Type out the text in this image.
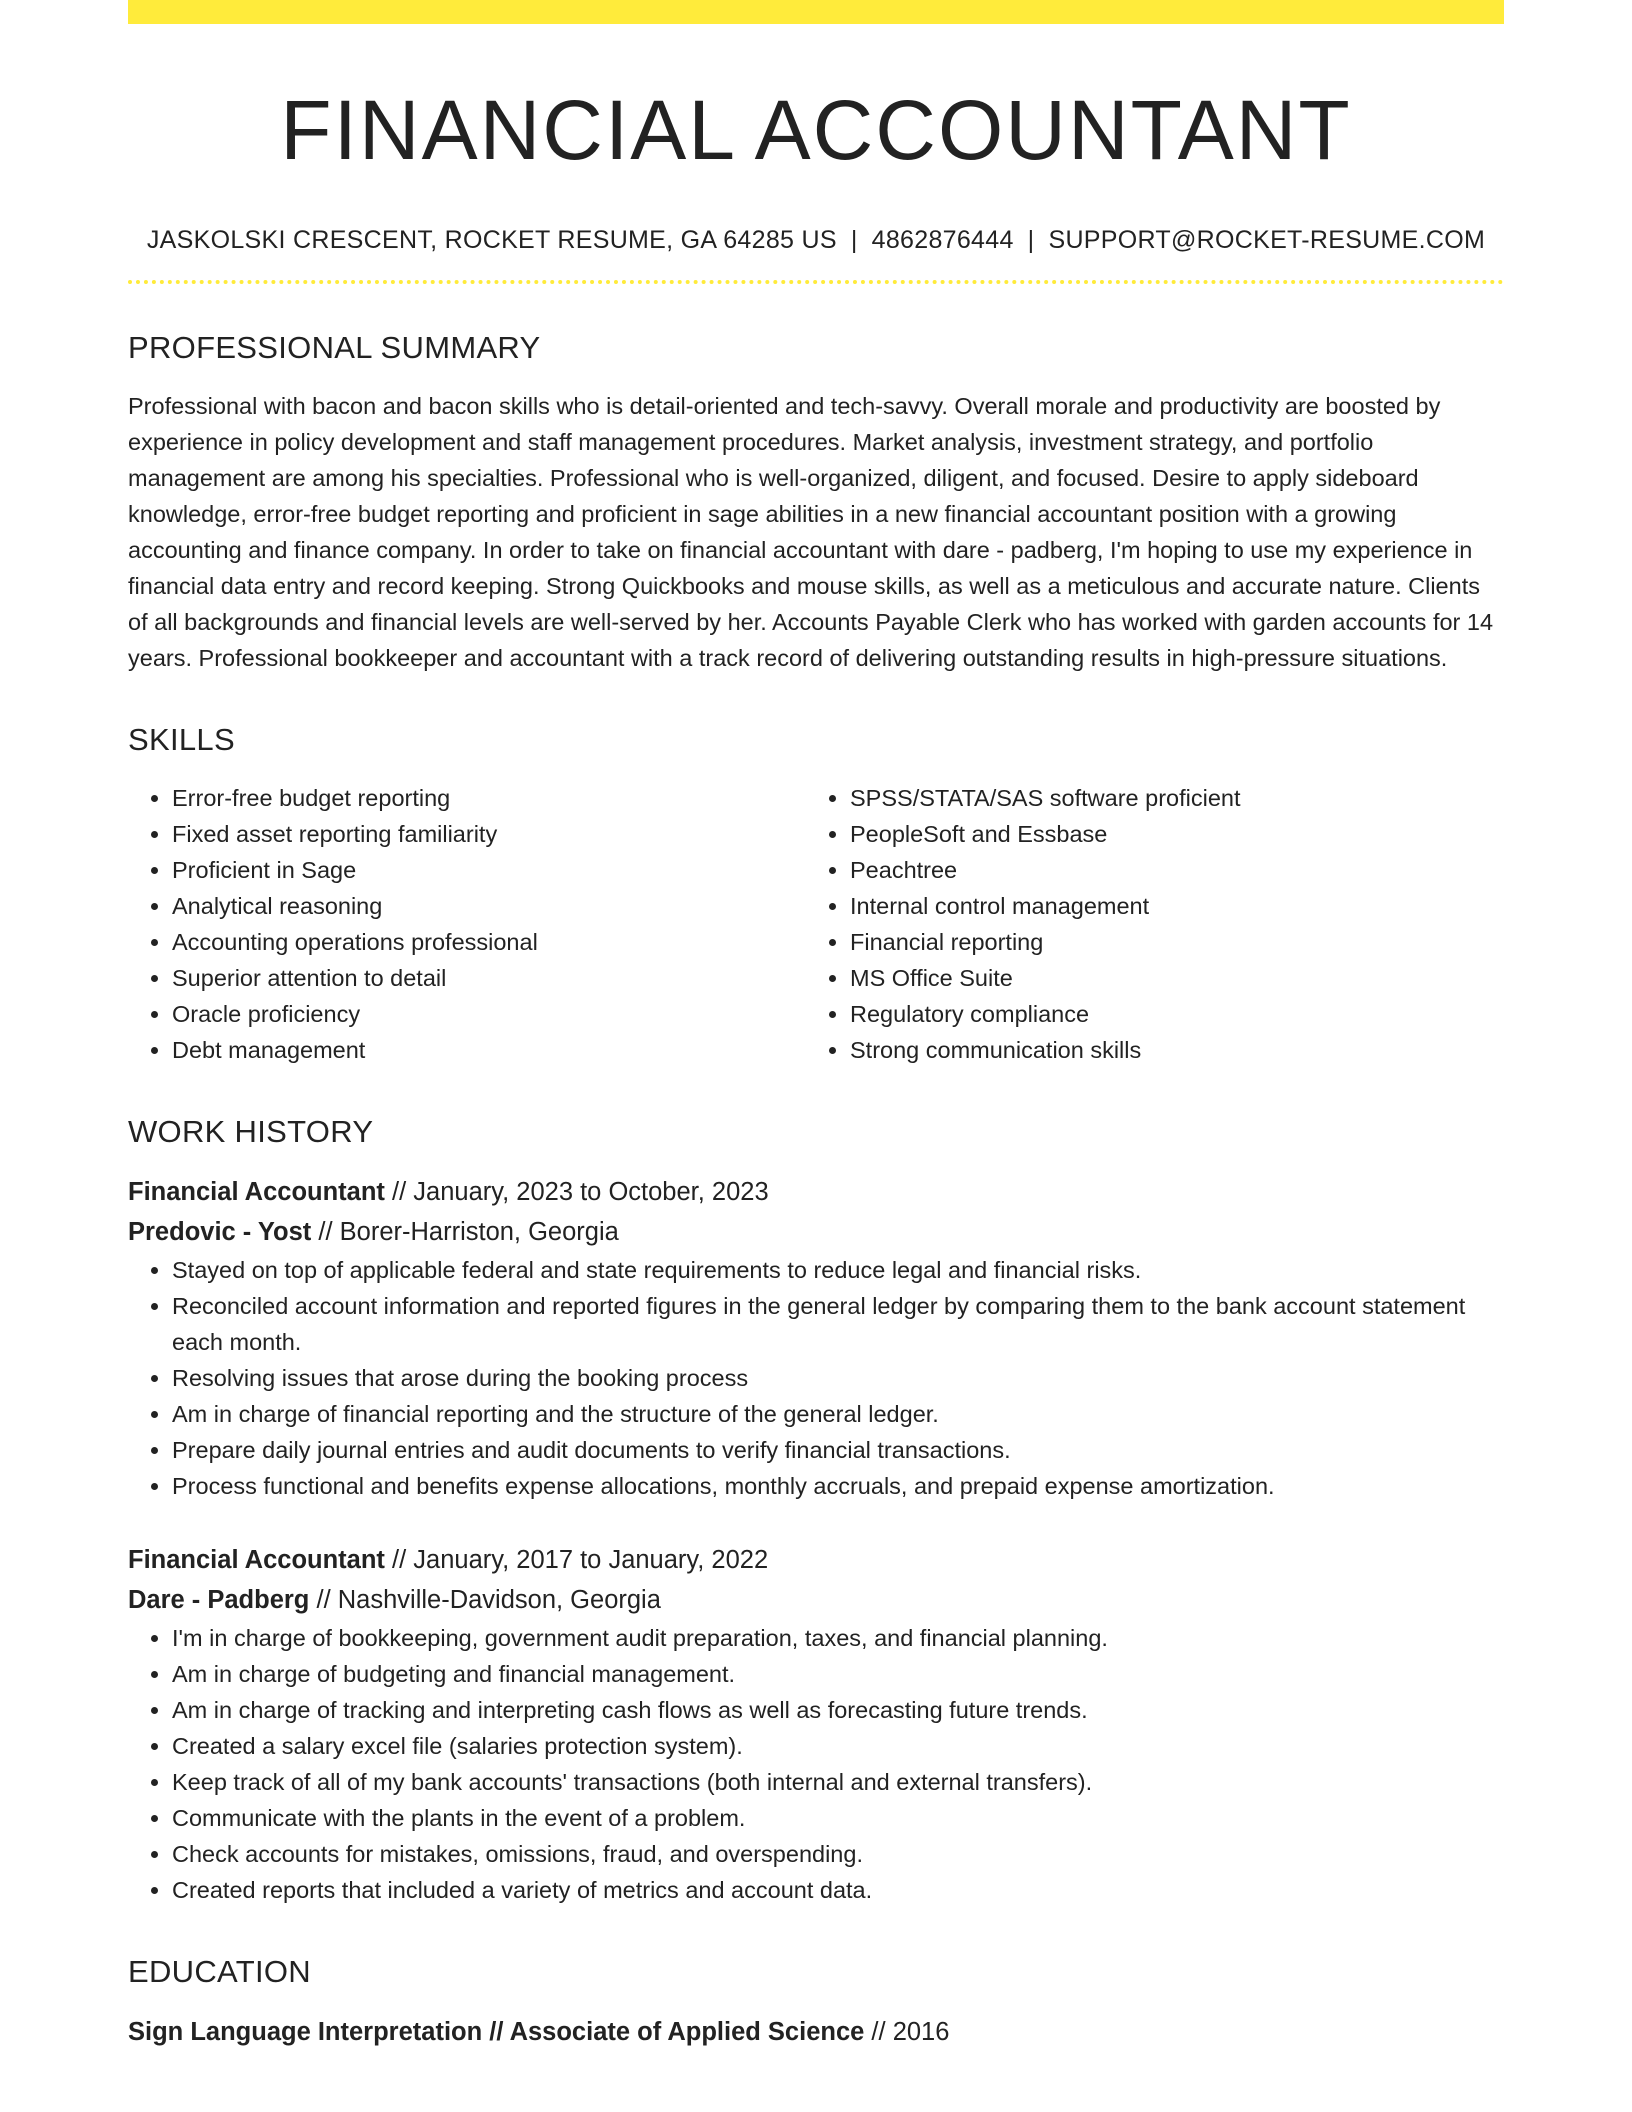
FINANCIAL ACCOUNTANT
JASKOLSKI CRESCENT, ROCKET RESUME, GA 64285 US | 4862876444 | SUPPORT@ROCKET-RESUME.COM
PROFESSIONAL SUMMARY
Professional with bacon and bacon skills who is detail-oriented and tech-savvy. Overall morale and productivity are boosted by experience in policy development and staff management procedures. Market analysis, investment strategy, and portfolio management are among his specialties. Professional who is well-organized, diligent, and focused. Desire to apply sideboard knowledge, error-free budget reporting and proficient in sage abilities in a new financial accountant position with a growing accounting and finance company. In order to take on financial accountant with dare - padberg, I'm hoping to use my experience in financial data entry and record keeping. Strong Quickbooks and mouse skills, as well as a meticulous and accurate nature. Clients of all backgrounds and financial levels are well-served by her. Accounts Payable Clerk who has worked with garden accounts for 14 years. Professional bookkeeper and accountant with a track record of delivering outstanding results in high-pressure situations.
SKILLS
• Error-free budget reporting
• Fixed asset reporting familiarity
• Proficient in Sage
• Analytical reasoning
• Accounting operations professional
• Superior attention to detail
• Oracle proficiency
• Debt management
• SPSS/STATA/SAS software proficient
• PeopleSoft and Essbase
• Peachtree
• Internal control management
• Financial reporting
• MS Office Suite
• Regulatory compliance
• Strong communication skills
WORK HISTORY
Financial Accountant // January, 2023 to October, 2023
Predovic - Yost // Borer-Harriston, Georgia
• Stayed on top of applicable federal and state requirements to reduce legal and financial risks.
• Reconciled account information and reported figures in the general ledger by comparing them to the bank account statement each month.
• Resolving issues that arose during the booking process
• Am in charge of financial reporting and the structure of the general ledger.
• Prepare daily journal entries and audit documents to verify financial transactions.
• Process functional and benefits expense allocations, monthly accruals, and prepaid expense amortization.
Financial Accountant // January, 2017 to January, 2022
Dare - Padberg // Nashville-Davidson, Georgia
• I'm in charge of bookkeeping, government audit preparation, taxes, and financial planning.
• Am in charge of budgeting and financial management.
• Am in charge of tracking and interpreting cash flows as well as forecasting future trends.
• Created a salary excel file (salaries protection system).
• Keep track of all of my bank accounts' transactions (both internal and external transfers).
• Communicate with the plants in the event of a problem.
• Check accounts for mistakes, omissions, fraud, and overspending.
• Created reports that included a variety of metrics and account data.
EDUCATION
Sign Language Interpretation // Associate of Applied Science // 2016
